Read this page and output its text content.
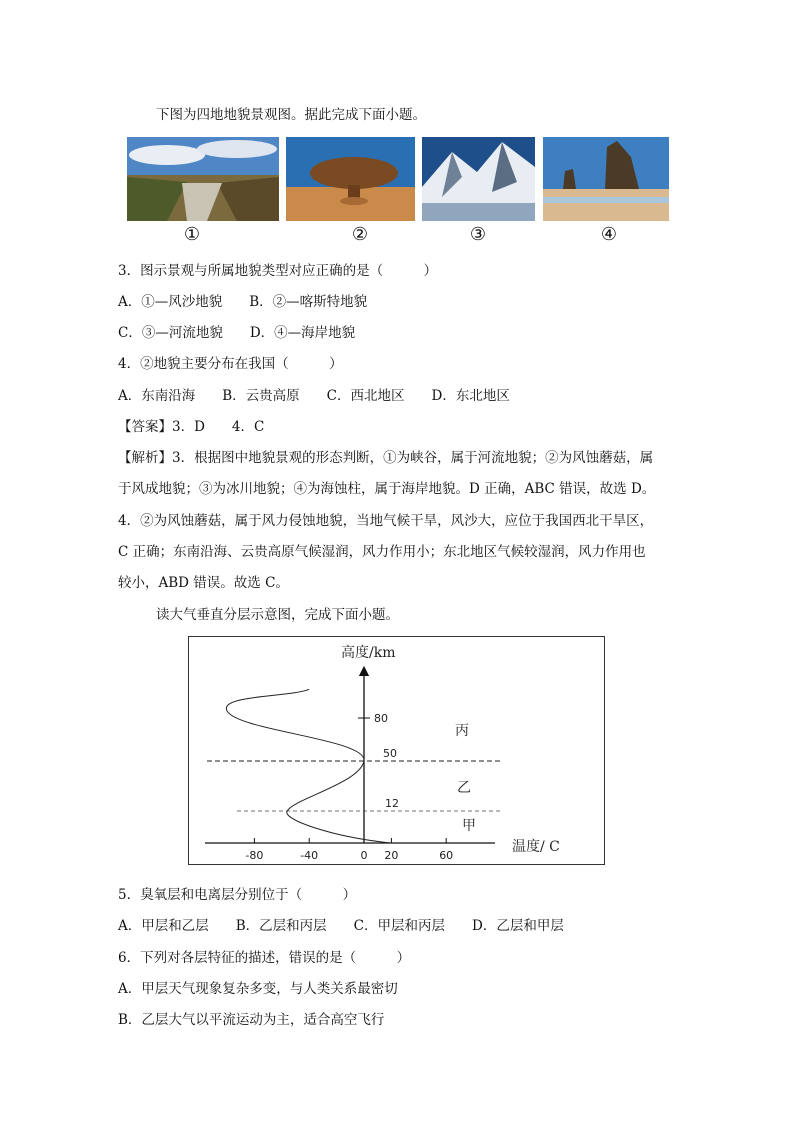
下图为四地地貌景观图。据此完成下面小题。
①	②	③	④
3．图示景观与所属地貌类型对应正确的是（　　　）
A．①—风沙地貌　　B．②—喀斯特地貌
C．③—河流地貌　　D．④—海岸地貌
4．②地貌主要分布在我国（　　　）
A．东南沿海　　B．云贵高原　　C．西北地区　　D．东北地区
【答案】3．D　　4．C
【解析】3．根据图中地貌景观的形态判断，①为峡谷，属于河流地貌；②为风蚀蘑菇，属
于风成地貌；③为冰川地貌；④为海蚀柱，属于海岸地貌。D 正确，ABC 错误，故选 D。
4．②为风蚀蘑菇，属于风力侵蚀地貌，当地气候干旱，风沙大，应位于我国西北干旱区，
C 正确；东南沿海、云贵高原气候湿润，风力作用小；东北地区气候较湿润，风力作用也
较小，ABD 错误。故选 C。
读大气垂直分层示意图，完成下面小题。
-80	-40	0 20	60
高度/km
温度/ C
80
50
12
丙
乙
甲
5．臭氧层和电离层分别位于（　　　）
A．甲层和乙层　　B．乙层和丙层　　C．甲层和丙层　　D．乙层和甲层
6．下列对各层特征的描述，错误的是（　　　）
A．甲层天气现象复杂多变，与人类关系最密切
B．乙层大气以平流运动为主，适合高空飞行
